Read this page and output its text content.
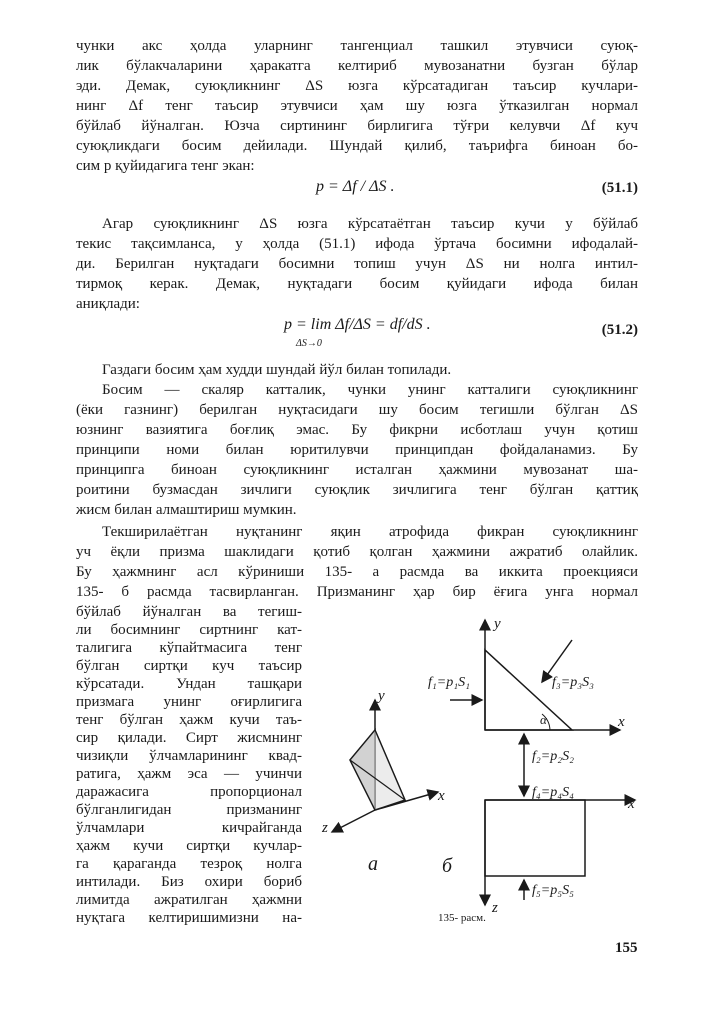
чунки акс ҳолда уларнинг тангенциал ташкил этувчиси суюқ-
лик бўлакчаларини ҳаракатга келтириб мувозанатни бузган бўлар
эди. Демак, суюқликнинг ΔS юзга кўрсатадиган таъсир кучлари-
нинг Δf тенг таъсир этувчиси ҳам шу юзга ўтказилган нормал
бўйлаб йўналган. Юзча сиртининг бирлигига тўғри келувчи Δf куч
суюқликдаги босим дейилади. Шундай қилиб, таърифга биноан бо-
сим p қуйидагига тенг экан:
p = Δf / ΔS .	(51.1)
Агар суюқликнинг ΔS юзга кўрсатаётган таъсир кучи у бўйлаб
текис тақсимланса, у ҳолда (51.1) ифода ўртача босимни ифодалай-
ди. Берилган нуқтадаги босимни топиш учун ΔS ни нолга интил-
тирмоқ керак. Демак, нуқтадаги босим қуйидаги ифода билан
аниқлади:
p = lim Δf/ΔS = df/dS .
ΔS→0
(51.2)
Газдаги босим ҳам худди шундай йўл билан топилади.
Босим — скаляр катталик, чунки унинг катталиги суюқликнинг
(ёки газнинг) берилган нуқтасидаги шу босим тегишли бўлган ΔS
юзнинг вазиятига боғлиқ эмас. Бу фикрни исботлаш учун қотиш
принципи номи билан юритилувчи принципдан фойдаланамиз. Бу
принципга биноан суюқликнинг исталган ҳажмини мувозанат ша-
роитини бузмасдан зичлиги суюқлик зичлигига тенг бўлган қаттиқ
жисм билан алмаштириш мумкин.
Текширилаётган нуқтанинг яқин атрофида фикран суюқликнинг
уч ёқли призма шаклидаги қотиб қолган ҳажмини ажратиб олайлик.
Бу ҳажмнинг асл кўриниши 135- а расмда ва иккита проекцияси
135- б расмда тасвирланган. Призманинг ҳар бир ёғига унга нормал
бўйлаб йўналган ва тегиш-
ли босимнинг сиртнинг кат-
талигига кўпайтмасига тенг
бўлган сиртқи куч таъсир
кўрсатади. Ундан ташқари
призмага унинг оғирлигига
тенг бўлган ҳажм кучи таъ-
сир қилади. Сирт жисмнинг
чизиқли ўлчамларининг квад-
ратига, ҳажм эса — учинчи
даражасига пропорционал
бўлганлигидан призманинг
ўлчамлари кичрайганда
ҳажм кучи сиртқи кучлар-
га қараганда тезроқ нолга
интилади. Биз охири бориб
лимитда ажратилган ҳажмни
нуқтага келтиришимизни на-
y
x
z
a
y
x
α
f₁=p₁S₁	f₃=p₃S₃
f₂=p₂S₂
x
z
f₄=p₄S₄
f₅=p₅S₅
б
135- расм.
155
